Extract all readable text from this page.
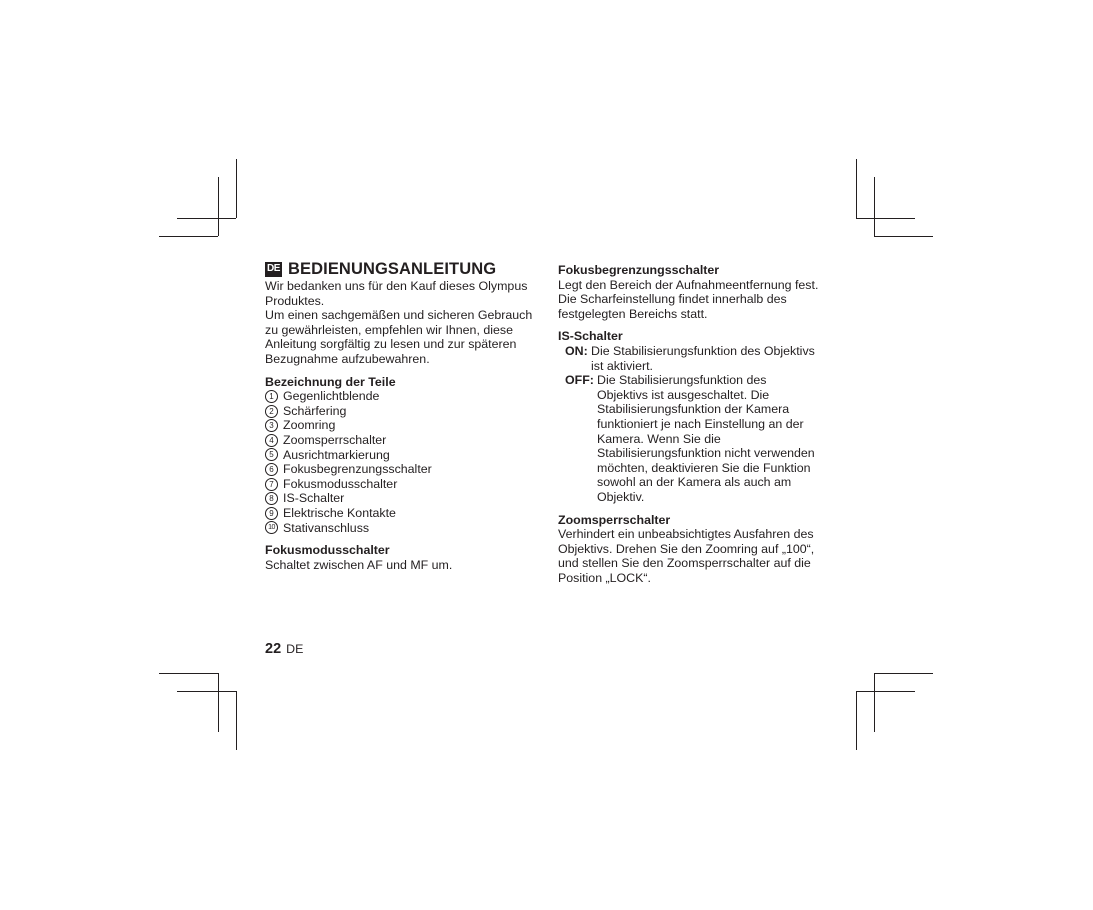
DE BEDIENUNGSANLEITUNG

Wir bedanken uns für den Kauf dieses Olympus Produktes.

Um einen sachgemäßen und sicheren Gebrauch zu gewährleisten, empfehlen wir Ihnen, diese Anleitung sorgfältig zu lesen und zur späteren Bezugnahme aufzubewahren.

Bezeichnung der Teile
1 Gegenlichtblende
2 Schärfering
3 Zoomring
4 Zoomsperrschalter
5 Ausrichtmarkierung
6 Fokusbegrenzungsschalter
7 Fokusmodusschalter
8 IS-Schalter
9 Elektrische Kontakte
10 Stativanschluss
Fokusmodusschalter

Schaltet zwischen AF und MF um.

Fokusbegrenzungsschalter

Legt den Bereich der Aufnahmeentfernung fest. Die Scharfeinstellung findet innerhalb des festgelegten Bereichs statt.

IS-Schalter
ON: Die Stabilisierungsfunktion des Objektivs ist aktiviert.
OFF: Die Stabilisierungsfunktion des Objektivs ist ausgeschaltet. Die Stabilisierungsfunktion der Kamera funktioniert je nach Einstellung an der Kamera. Wenn Sie die Stabilisierungsfunktion nicht verwenden möchten, deaktivieren Sie die Funktion sowohl an der Kamera als auch am Objektiv.
Zoomsperrschalter

Verhindert ein unbeabsichtigtes Ausfahren des Objektivs. Drehen Sie den Zoomring auf „100“, und stellen Sie den Zoomsperrschalter auf die Position „LOCK“.

22 DE
